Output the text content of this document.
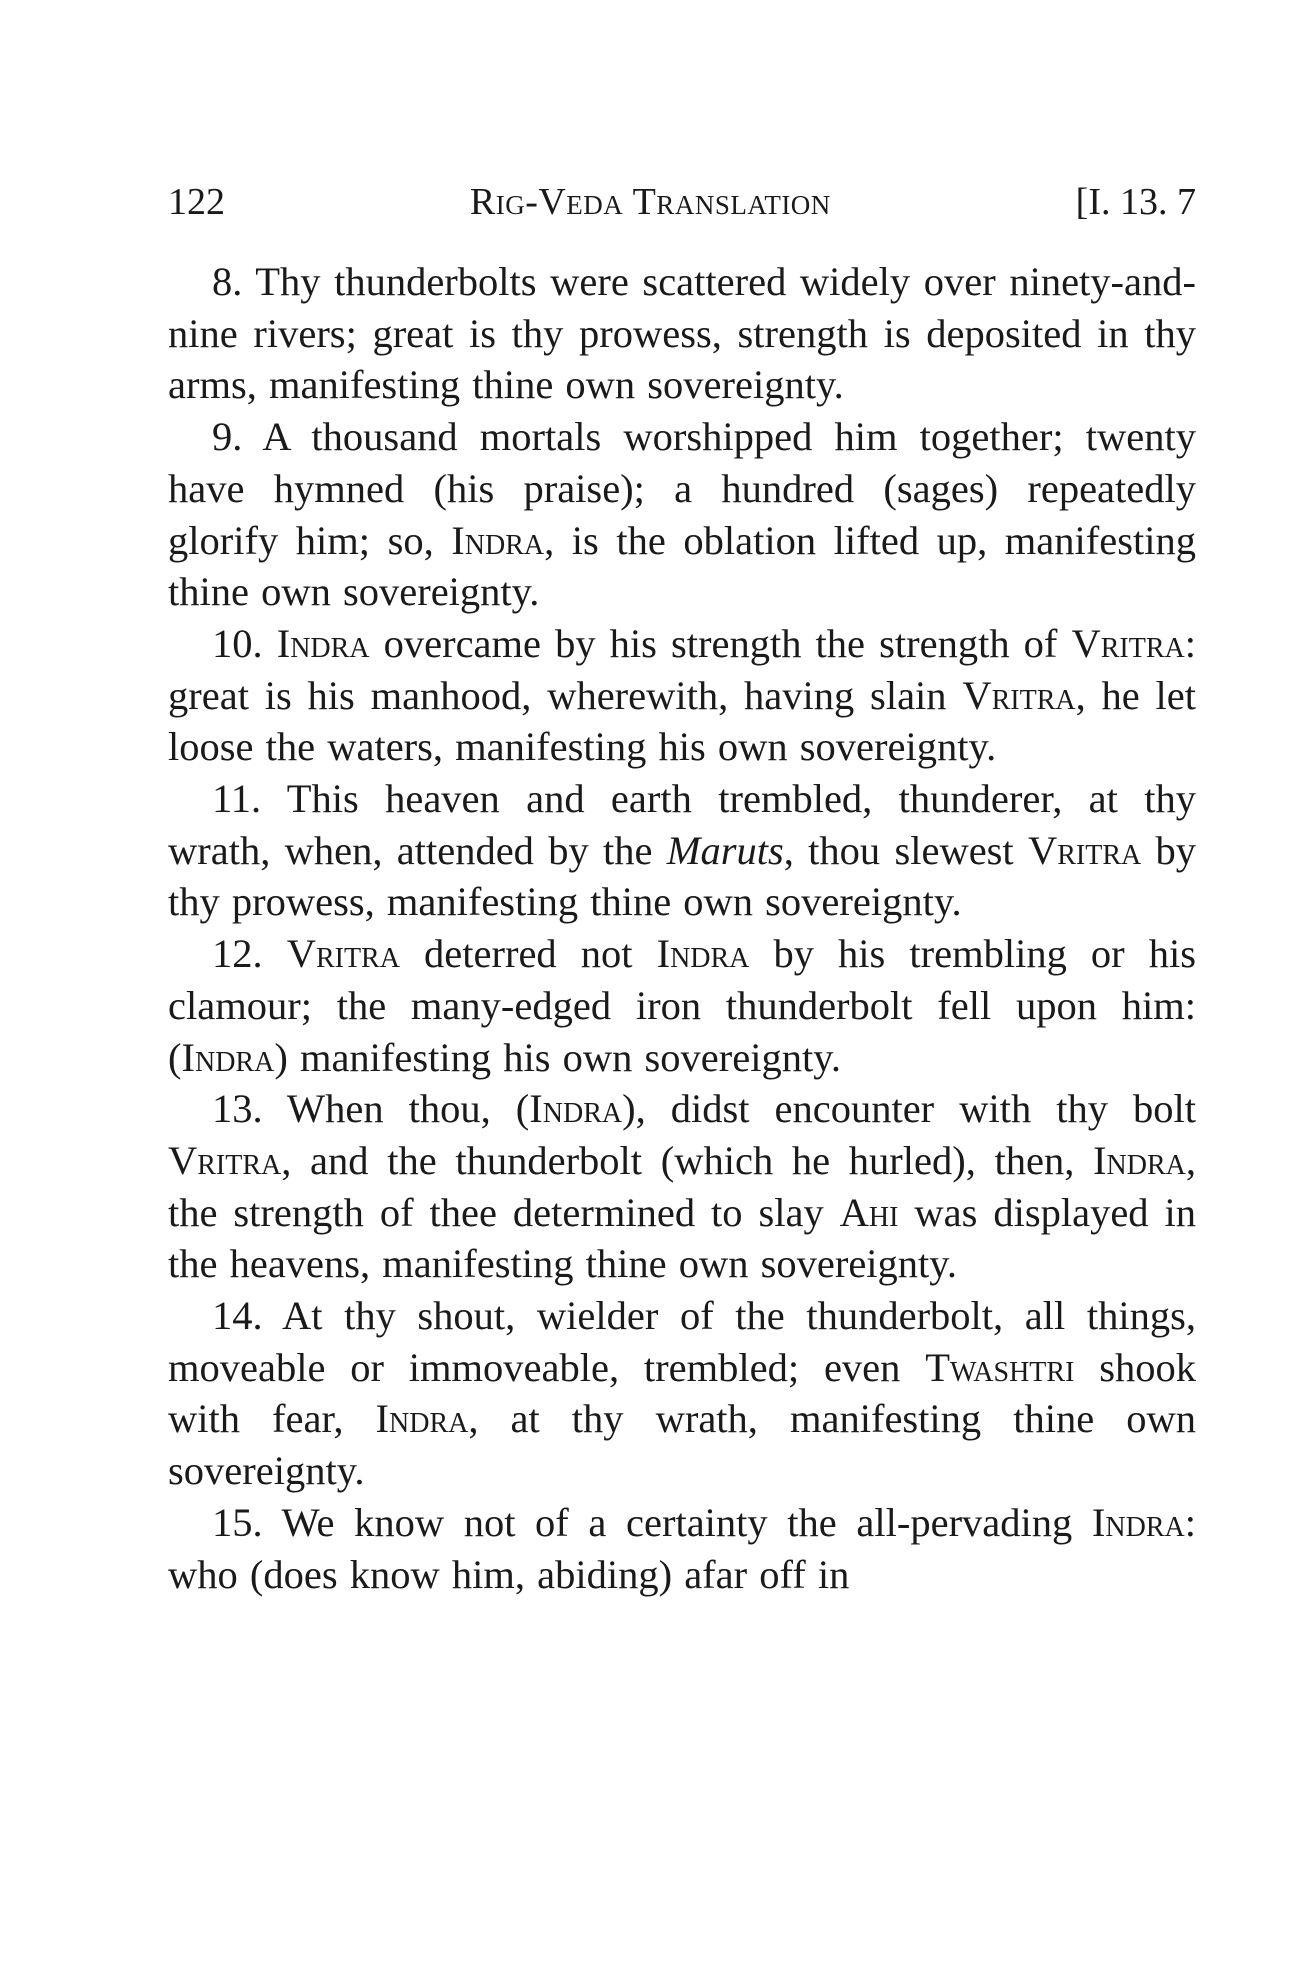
122	Rig-Veda Translation	[I. 13. 7

8. Thy thunderbolts were scattered widely over ninety-and-nine rivers; great is thy prowess, strength is deposited in thy arms, manifesting thine own sovereignty.

9. A thousand mortals worshipped him together; twenty have hymned (his praise); a hundred (sages) repeatedly glorify him; so, Indra, is the oblation lifted up, manifesting thine own sovereignty.

10. Indra overcame by his strength the strength of Vritra: great is his manhood, wherewith, having slain Vritra, he let loose the waters, manifesting his own sovereignty.

11. This heaven and earth trembled, thunderer, at thy wrath, when, attended by the Maruts, thou slewest Vritra by thy prowess, manifesting thine own sovereignty.

12. Vritra deterred not Indra by his trembling or his clamour; the many-edged iron thunderbolt fell upon him: (Indra) manifesting his own sovereignty.

13. When thou, (Indra), didst encounter with thy bolt Vritra, and the thunderbolt (which he hurled), then, Indra, the strength of thee determined to slay Ahi was displayed in the heavens, manifesting thine own sovereignty.

14. At thy shout, wielder of the thunderbolt, all things, moveable or immoveable, trembled; even Twashtri shook with fear, Indra, at thy wrath, manifesting thine own sovereignty.

15. We know not of a certainty the all-pervading Indra: who (does know him, abiding) afar off in
